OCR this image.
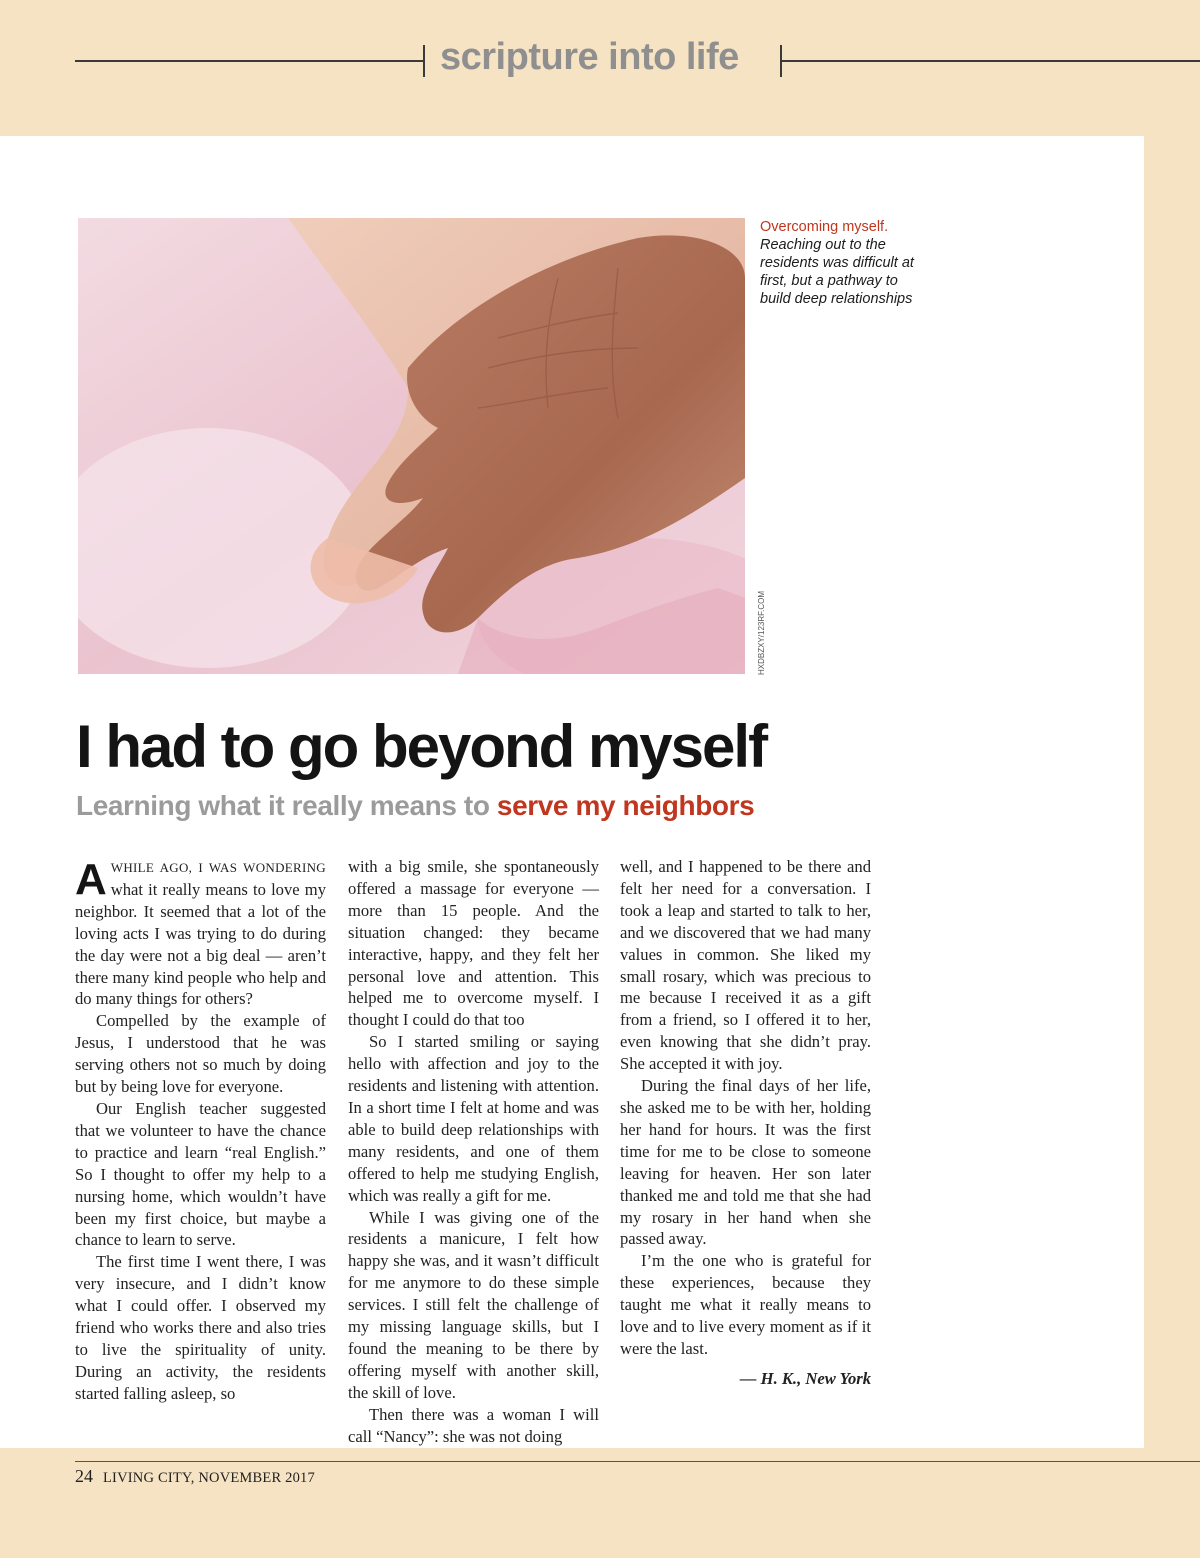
scripture into life
HXDBZXY/123RF.COM
Overcoming myself.
Reaching out to the residents was difficult at first, but a pathway to build deep relationships
I had to go beyond myself
Learning what it really means to serve my neighbors

AWHILE AGO, I WAS WONDERING what it really means to love my neighbor. It seemed that a lot of the loving acts I was trying to do during the day were not a big deal — aren’t there many kind people who help and do many things for others?

Compelled by the example of Jesus, I understood that he was serving others not so much by doing but by being love for everyone.

Our English teacher suggested that we volunteer to have the chance to practice and learn “real English.” So I thought to offer my help to a nursing home, which wouldn’t have been my first choice, but maybe a chance to learn to serve.

The first time I went there, I was very insecure, and I didn’t know what I could offer. I observed my friend who works there and also tries to live the spirituality of unity. During an activity, the residents started falling asleep, so

with a big smile, she spontaneously offered a massage for everyone — more than 15 people. And the situation changed: they became interactive, happy, and they felt her personal love and attention. This helped me to overcome myself. I thought I could do that too

So I started smiling or saying hello with affection and joy to the residents and listening with attention. In a short time I felt at home and was able to build deep relationships with many residents, and one of them offered to help me studying English, which was really a gift for me.

While I was giving one of the residents a manicure, I felt how happy she was, and it wasn’t difficult for me anymore to do these simple services. I still felt the challenge of my missing language skills, but I found the meaning to be there by offering myself with another skill, the skill of love.

Then there was a woman I will call “Nancy”: she was not doing

well, and I happened to be there and felt her need for a conversation. I took a leap and started to talk to her, and we discovered that we had many values in common. She liked my small rosary, which was precious to me because I received it as a gift from a friend, so I offered it to her, even knowing that she didn’t pray. She accepted it with joy.

During the final days of her life, she asked me to be with her, holding her hand for hours. It was the first time for me to be close to someone leaving for heaven. Her son later thanked me and told me that she had my rosary in her hand when she passed away.

I’m the one who is grateful for these experiences, because they taught me what it really means to love and to live every moment as if it were the last.

— H. K., New York

24 LIVING CITY, NOVEMBER 2017
